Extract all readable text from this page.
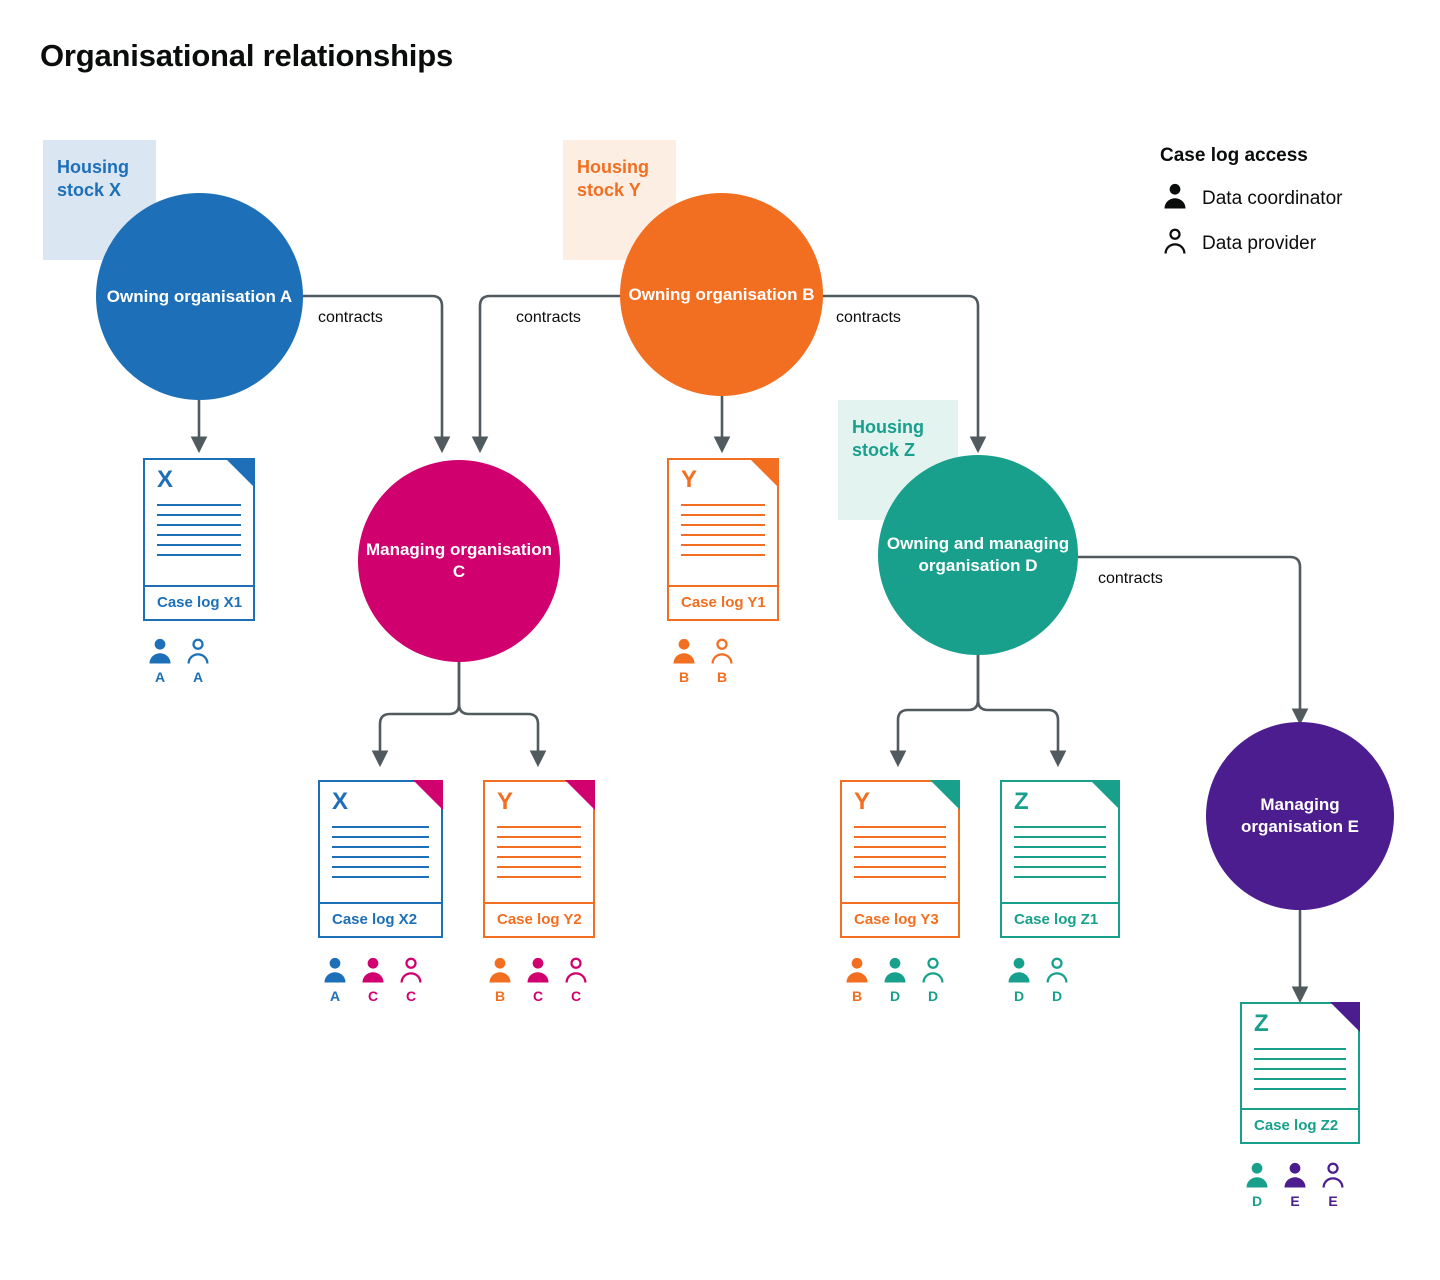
Organisational relationships
contracts	contracts	contracts
contracts
Housing
stock X
Housing
stock Y
Housing
stock Z
Owning organisation A	Owning organisation B
Managing organisation C
Owning and managing organisation D
Managing organisation E
X
Case log X1
A	A
Y
Case log Y1
B	B
X
Case log X2
A	C	C
Y
Case log Y2
B	C	C
Y
Case log Y3
B	D	D
Z
Case log Z1
D	D
Z
Case log Z2
D	E	E
Case log access
Data coordinator
Data provider
